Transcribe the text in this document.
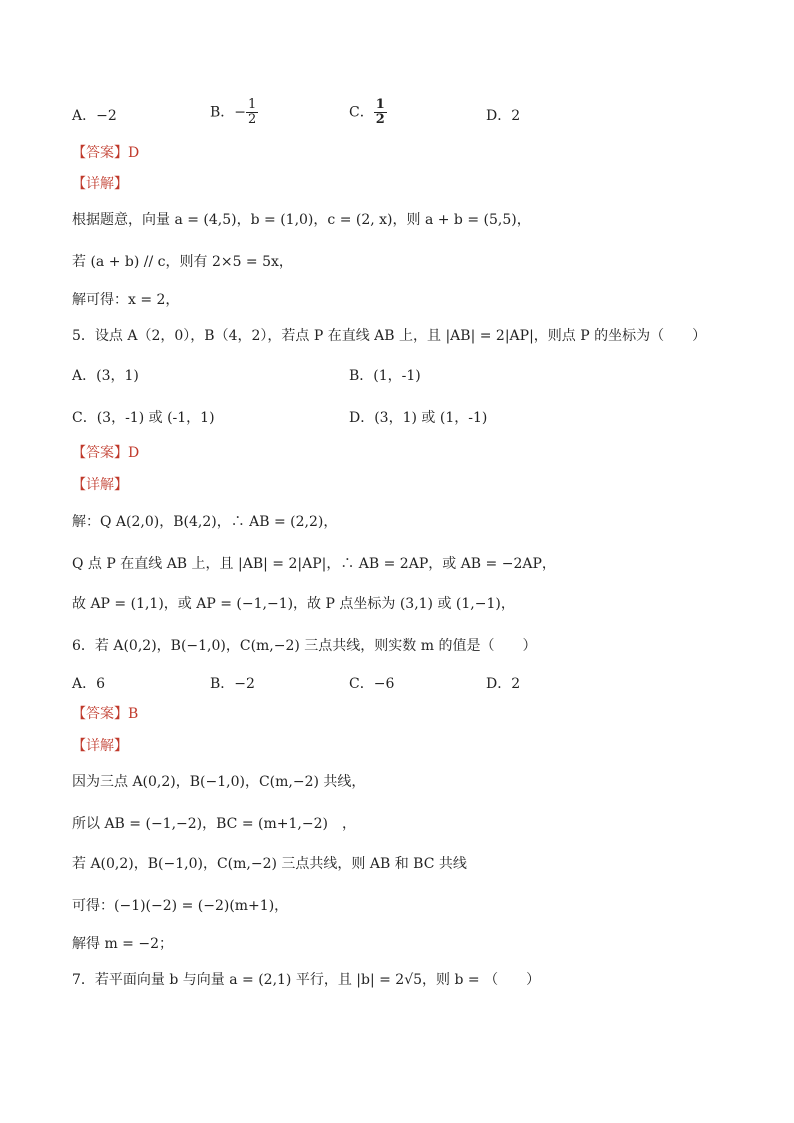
A．−2	B．− $\frac{1}{2}$	C． $\frac{1}{2}$	D．2
【答案】D
【详解】
根据题意，向量 a = (4,5)，b = (1,0)，c = (2, x)，则 a + b = (5,5)，
若 (a + b) // c，则有 2×5 = 5x，
解可得：x = 2，
5．设点 A（2，0），B（4，2），若点 P 在直线 AB 上，且 |AB| = 2|AP|，则点 P 的坐标为（　　）
A．(3，1)	B．(1，-1)
C．(3，-1) 或 (-1，1)	D．(3，1) 或 (1，-1)
【答案】D
【详解】
解：Q A(2,0)，B(4,2)，∴ AB = (2,2)，
Q 点 P 在直线 AB 上，且 |AB| = 2|AP|，∴ AB = 2AP，或 AB = −2AP，
故 AP = (1,1)，或 AP = (−1,−1)，故 P 点坐标为 (3,1) 或 (1,−1)，
6．若 A(0,2)，B(−1,0)，C(m,−2) 三点共线，则实数 m 的值是（　　）
A．6	B．−2	C．−6	D．2
【答案】B
【详解】
因为三点 A(0,2)，B(−1,0)，C(m,−2) 共线，
所以 AB = (−1,−2)，BC = (m+1,−2)　，
若 A(0,2)，B(−1,0)，C(m,−2) 三点共线，则 AB 和 BC 共线
可得：(−1)(−2) = (−2)(m+1)，
解得 m = −2；
7．若平面向量 b 与向量 a = (2,1) 平行，且 |b| = 2√5，则 b = （　　）
